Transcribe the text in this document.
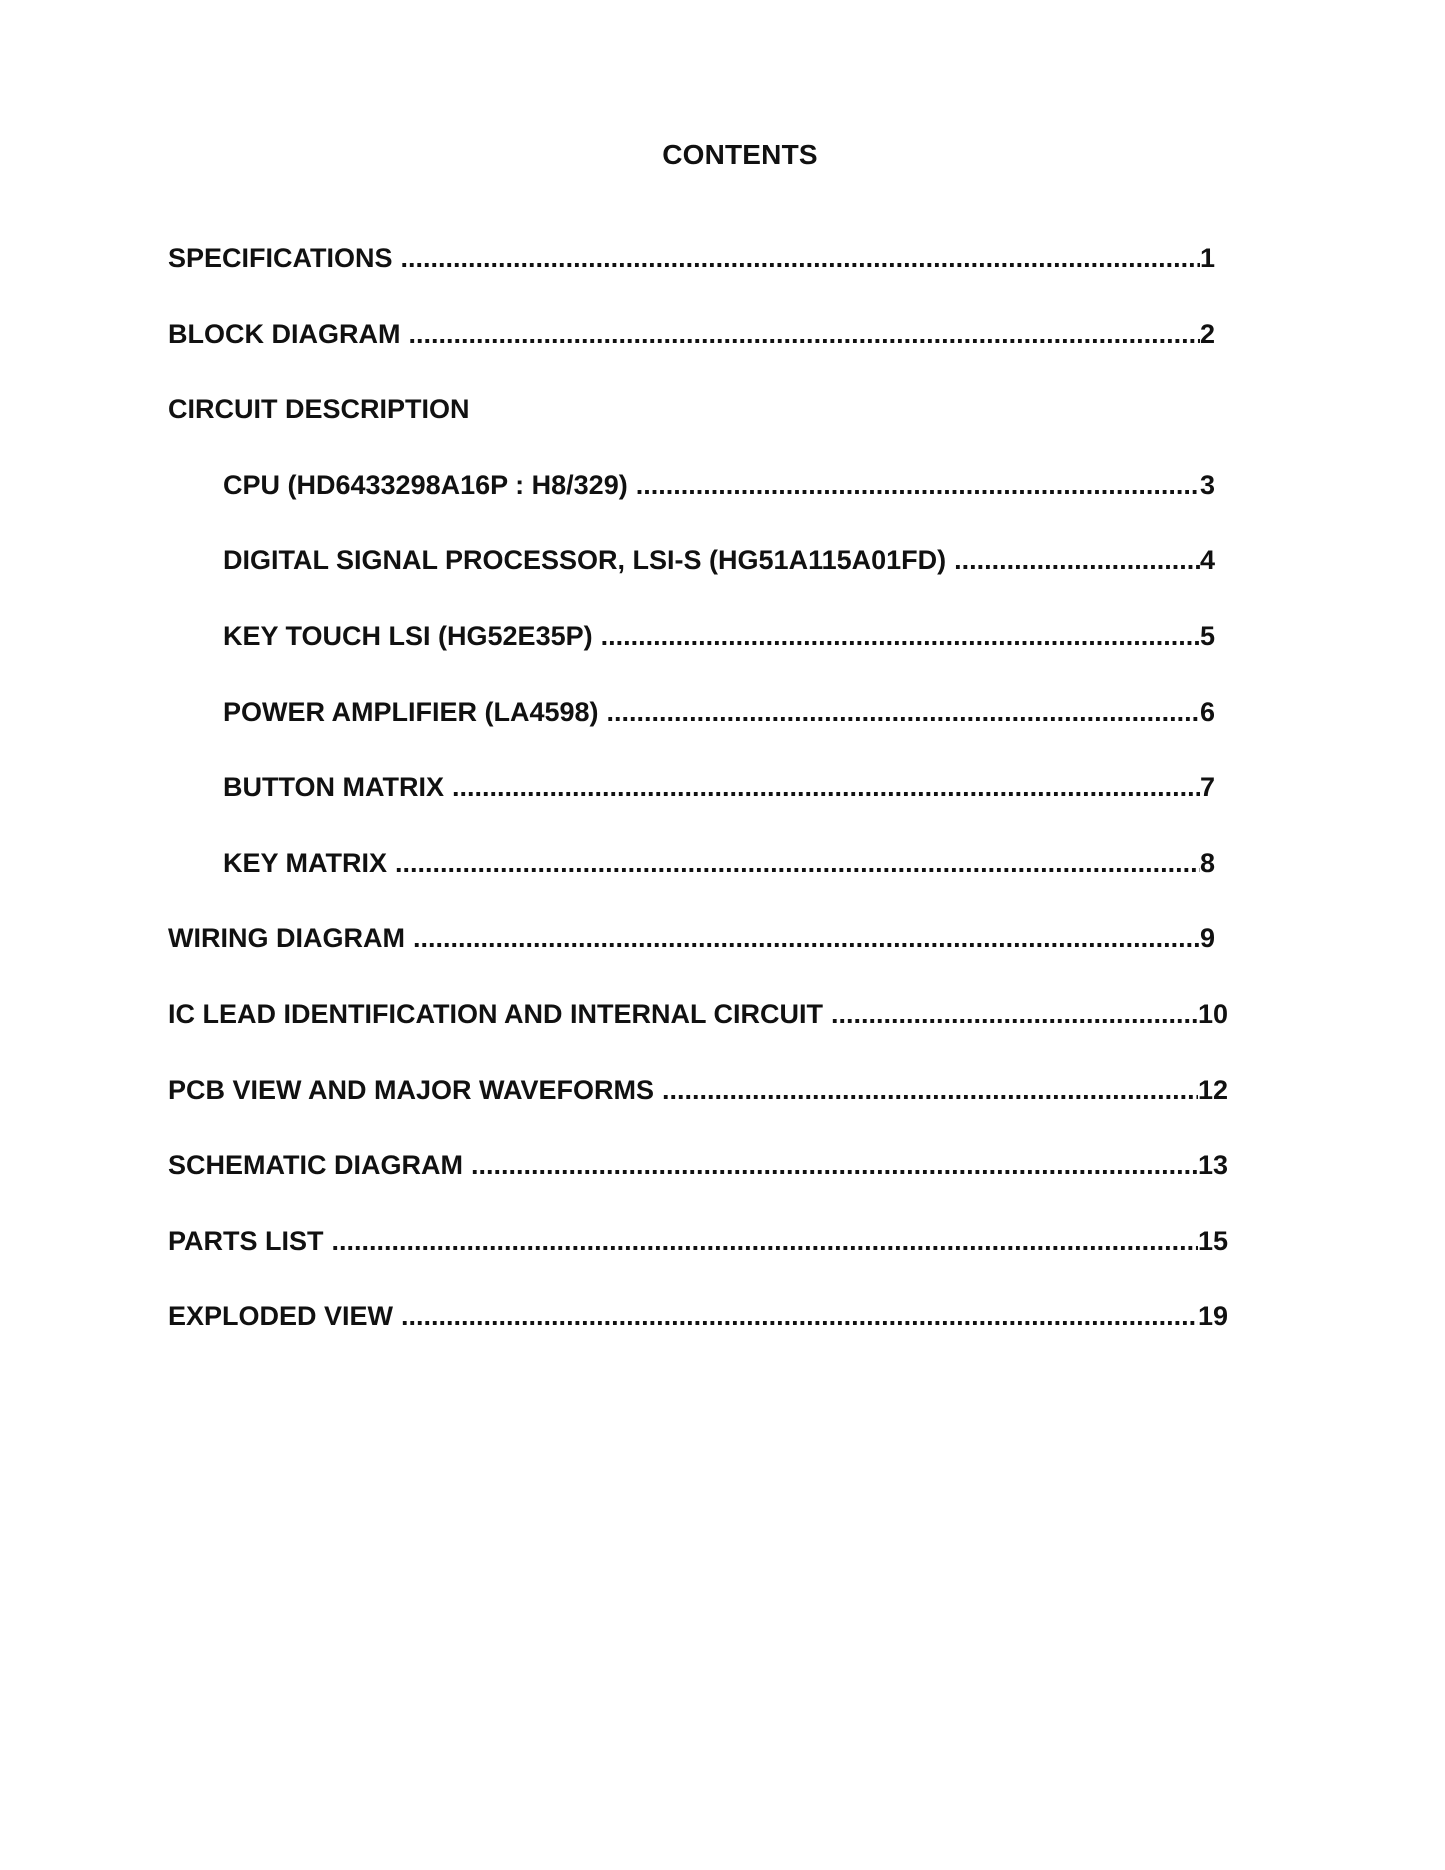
CONTENTS
SPECIFICATIONS .....	1
BLOCK DIAGRAM .....	2
CIRCUIT DESCRIPTION
CPU (HD6433298A16P : H8/329) .....	3
DIGITAL SIGNAL PROCESSOR, LSI-S (HG51A115A01FD) .....	4
KEY TOUCH LSI (HG52E35P) .....	5
POWER AMPLIFIER (LA4598) .....	6
BUTTON MATRIX .....	7
KEY MATRIX .....	8
WIRING DIAGRAM .....	9
IC LEAD IDENTIFICATION AND INTERNAL CIRCUIT .....	10
PCB VIEW AND MAJOR WAVEFORMS .....	12
SCHEMATIC DIAGRAM .....	13
PARTS LIST .....	15
EXPLODED VIEW .....	19
